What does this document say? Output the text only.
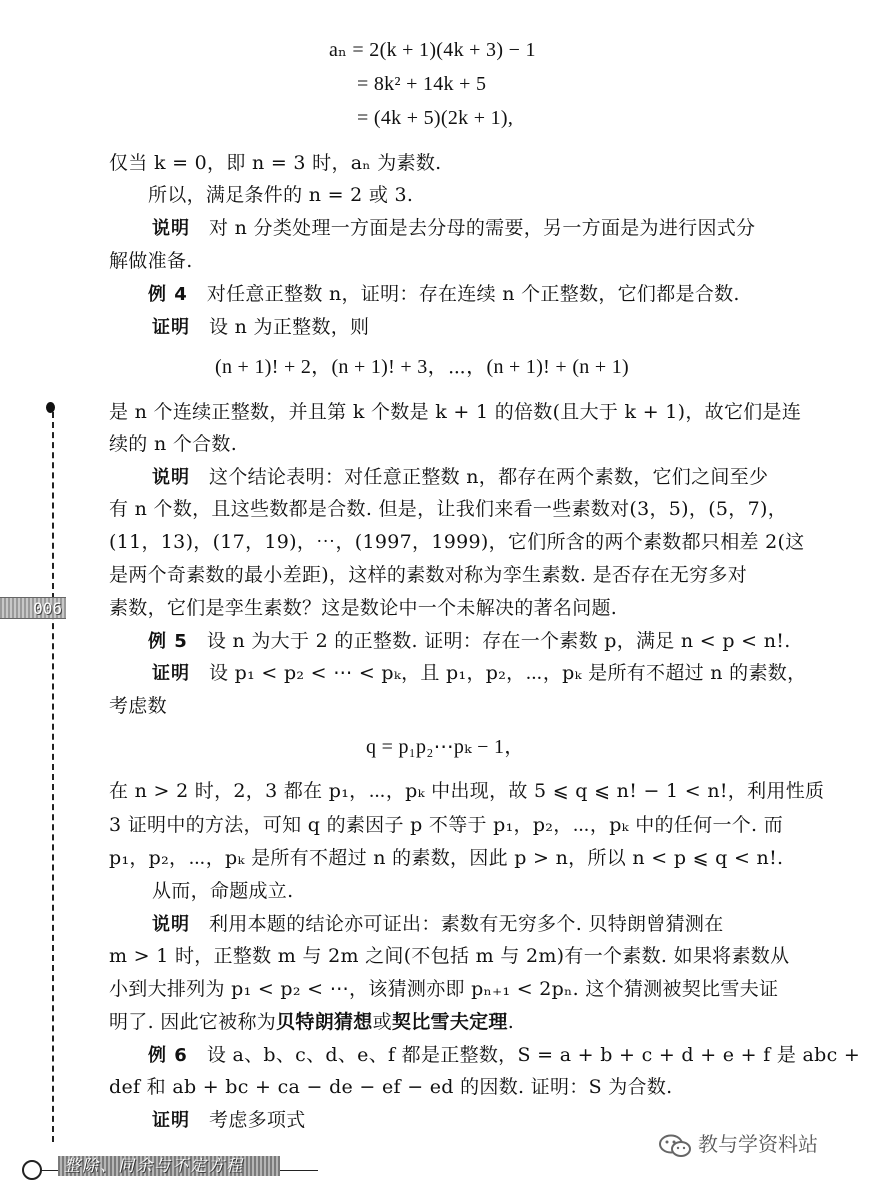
006
aₙ = 2(k + 1)(4k + 3) − 1
= 8k² + 14k + 5
= (4k + 5)(2k + 1),
仅当 k = 0，即 n = 3 时，aₙ 为素数.
所以，满足条件的 n = 2 或 3.
说明 对 n 分类处理一方面是去分母的需要，另一方面是为进行因式分
解做准备.
例 4 对任意正整数 n，证明：存在连续 n 个正整数，它们都是合数.
证明 设 n 为正整数，则
(n + 1)! + 2，(n + 1)! + 3，⋯，(n + 1)! + (n + 1)
是 n 个连续正整数，并且第 k 个数是 k + 1 的倍数(且大于 k + 1)，故它们是连
续的 n 个合数.
说明 这个结论表明：对任意正整数 n，都存在两个素数，它们之间至少
有 n 个数，且这些数都是合数. 但是，让我们来看一些素数对(3，5)，(5，7)，
(11，13)，(17，19)，⋯，(1997，1999)，它们所含的两个素数都只相差 2(这
是两个奇素数的最小差距)，这样的素数对称为孪生素数. 是否存在无穷多对
素数，它们是孪生素数？这是数论中一个未解决的著名问题.
例 5 设 n 为大于 2 的正整数. 证明：存在一个素数 p，满足 n < p < n!.
证明 设 p₁ < p₂ < ⋯ < pₖ，且 p₁，p₂，⋯，pₖ 是所有不超过 n 的素数，
考虑数
q = p₁p₂⋯pₖ − 1，
在 n > 2 时，2，3 都在 p₁，⋯，pₖ 中出现，故 5 ⩽ q ⩽ n! − 1 < n!，利用性质
3 证明中的方法，可知 q 的素因子 p 不等于 p₁，p₂，⋯，pₖ 中的任何一个. 而
p₁，p₂，⋯，pₖ 是所有不超过 n 的素数，因此 p > n，所以 n < p ⩽ q < n!.
从而，命题成立.
说明 利用本题的结论亦可证出：素数有无穷多个. 贝特朗曾猜测在
m > 1 时，正整数 m 与 2m 之间(不包括 m 与 2m)有一个素数. 如果将素数从
小到大排列为 p₁ < p₂ < ⋯，该猜测亦即 pₙ₊₁ < 2pₙ. 这个猜测被契比雪夫证
明了. 因此它被称为贝特朗猜想或契比雪夫定理.
例 6 设 a、b、c、d、e、f 都是正整数，S = a + b + c + d + e + f 是 abc +
def 和 ab + bc + ca − de − ef − ed 的因数. 证明：S 为合数.
证明 考虑多项式
教与学资料站
整除、同余与不定方程
